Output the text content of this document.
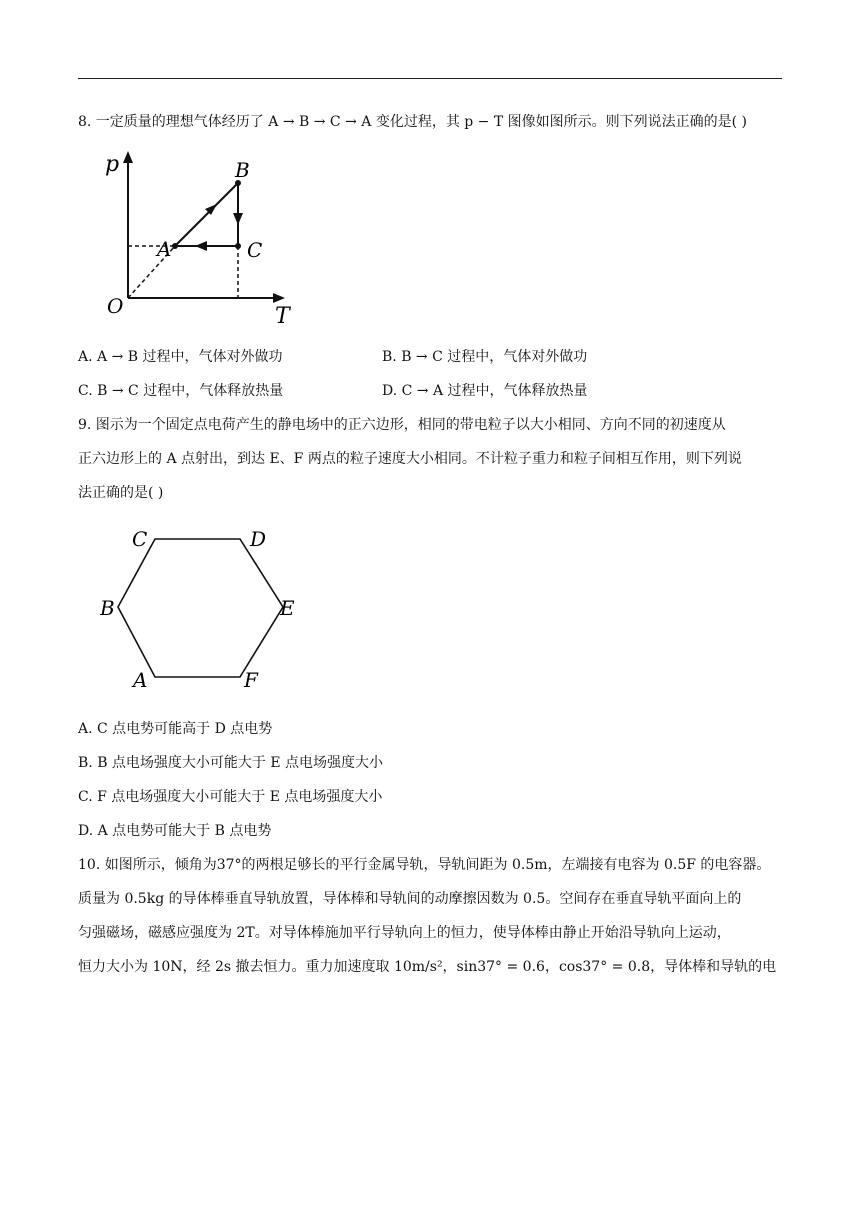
8. 一定质量的理想气体经历了 A → B → C → A 变化过程，其 p − T 图像如图所示。则下列说法正确的是( )
p
T
O
A
B
C
A. A → B 过程中，气体对外做功	B. B → C 过程中，气体对外做功
C. B → C 过程中，气体释放热量	D. C → A 过程中，气体释放热量
9. 图示为一个固定点电荷产生的静电场中的正六边形，相同的带电粒子以大小相同、方向不同的初速度从
正六边形上的 A 点射出，到达 E、F 两点的粒子速度大小相同。不计粒子重力和粒子间相互作用，则下列说
法正确的是( )
C	D
B	E
A	F
A. C 点电势可能高于 D 点电势
B. B 点电场强度大小可能大于 E 点电场强度大小
C. F 点电场强度大小可能大于 E 点电场强度大小
D. A 点电势可能大于 B 点电势
10. 如图所示，倾角为37°的两根足够长的平行金属导轨，导轨间距为 0.5m，左端接有电容为 0.5F 的电容器。
质量为 0.5kg 的导体棒垂直导轨放置，导体棒和导轨间的动摩擦因数为 0.5。空间存在垂直导轨平面向上的
匀强磁场，磁感应强度为 2T。对导体棒施加平行导轨向上的恒力，使导体棒由静止开始沿导轨向上运动，
恒力大小为 10N，经 2s 撤去恒力。重力加速度取 10m/s²，sin37° = 0.6，cos37° = 0.8，导体棒和导轨的电
